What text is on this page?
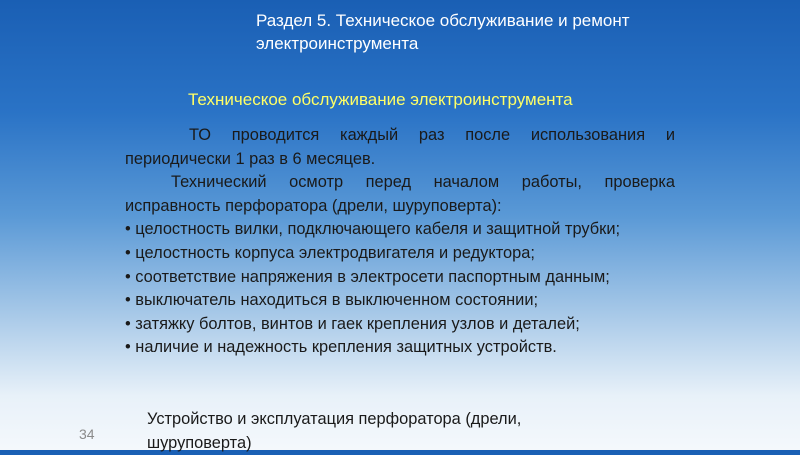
Раздел 5. Техническое обслуживание и ремонт
электроинструмента
Техническое обслуживание электроинструмента

ТО проводится каждый раз после использования и периодически 1 раз в 6 месяцев.

Технический осмотр перед началом работы, проверка исправность перфоратора (дрели, шуруповерта):

• целостность вилки, подключающего кабеля и защитной трубки;

• целостность корпуса электродвигателя и редуктора;

• соответствие напряжения в электросети паспортным данным;

• выключатель находиться в выключенном состоянии;

• затяжку болтов, винтов и гаек крепления узлов и деталей;

• наличие и надежность крепления защитных устройств.

Устройство и эксплуатация перфоратора (дрели,
шуруповерта)
34
